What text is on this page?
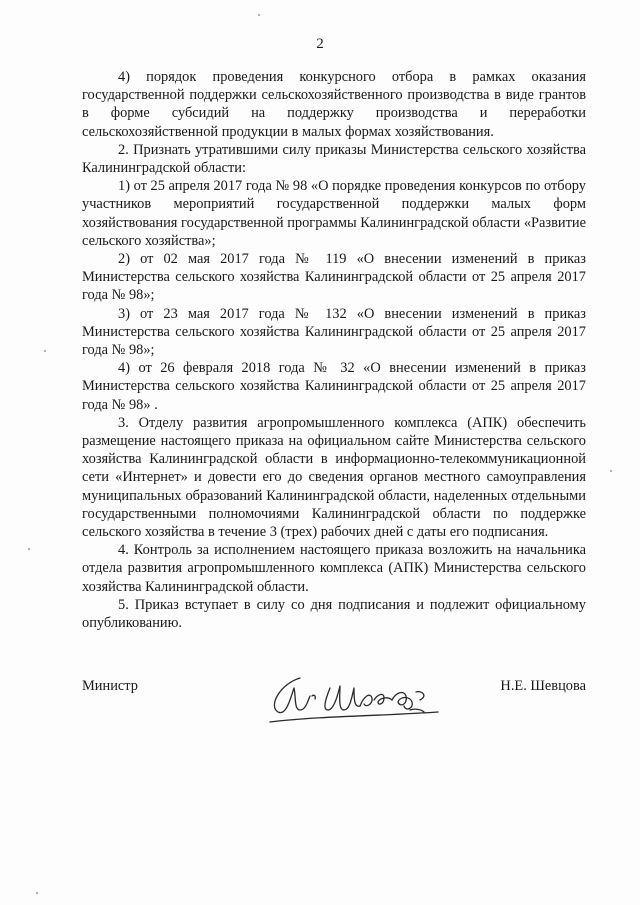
2

4) порядок проведения конкурсного отбора в рамках оказания государственной поддержки сельскохозяйственного производства в виде грантов в форме субсидий на поддержку производства и переработки сельскохозяйственной продукции в малых формах хозяйствования.

2. Признать утратившими силу приказы Министерства сельского хозяйства Калининградской области:

1) от 25 апреля 2017 года № 98 «О порядке проведения конкурсов по отбору участников мероприятий государственной поддержки малых форм хозяйствования государственной программы Калининградской области «Развитие сельского хозяйства»;

2) от 02 мая 2017 года № 119 «О внесении изменений в приказ Министерства сельского хозяйства Калининградской области от 25 апреля 2017 года № 98»;

3) от 23 мая 2017 года № 132 «О внесении изменений в приказ Министерства сельского хозяйства Калининградской области от 25 апреля 2017 года № 98»;

4) от 26 февраля 2018 года № 32 «О внесении изменений в приказ Министерства сельского хозяйства Калининградской области от 25 апреля 2017 года № 98» .

3. Отделу развития агропромышленного комплекса (АПК) обеспечить размещение настоящего приказа на официальном сайте Министерства сельского хозяйства Калининградской области в информационно-телекоммуникационной сети «Интернет» и довести его до сведения органов местного самоуправления муниципальных образований Калининградской области, наделенных отдельными государственными полномочиями Калининградской области по поддержке сельского хозяйства в течение 3 (трех) рабочих дней с даты его подписания.

4. Контроль за исполнением настоящего приказа возложить на начальника отдела развития агропромышленного комплекса (АПК) Министерства сельского хозяйства Калининградской области.

5. Приказ вступает в силу со дня подписания и подлежит официальному опубликованию.

Министр	Н.Е. Шевцова
